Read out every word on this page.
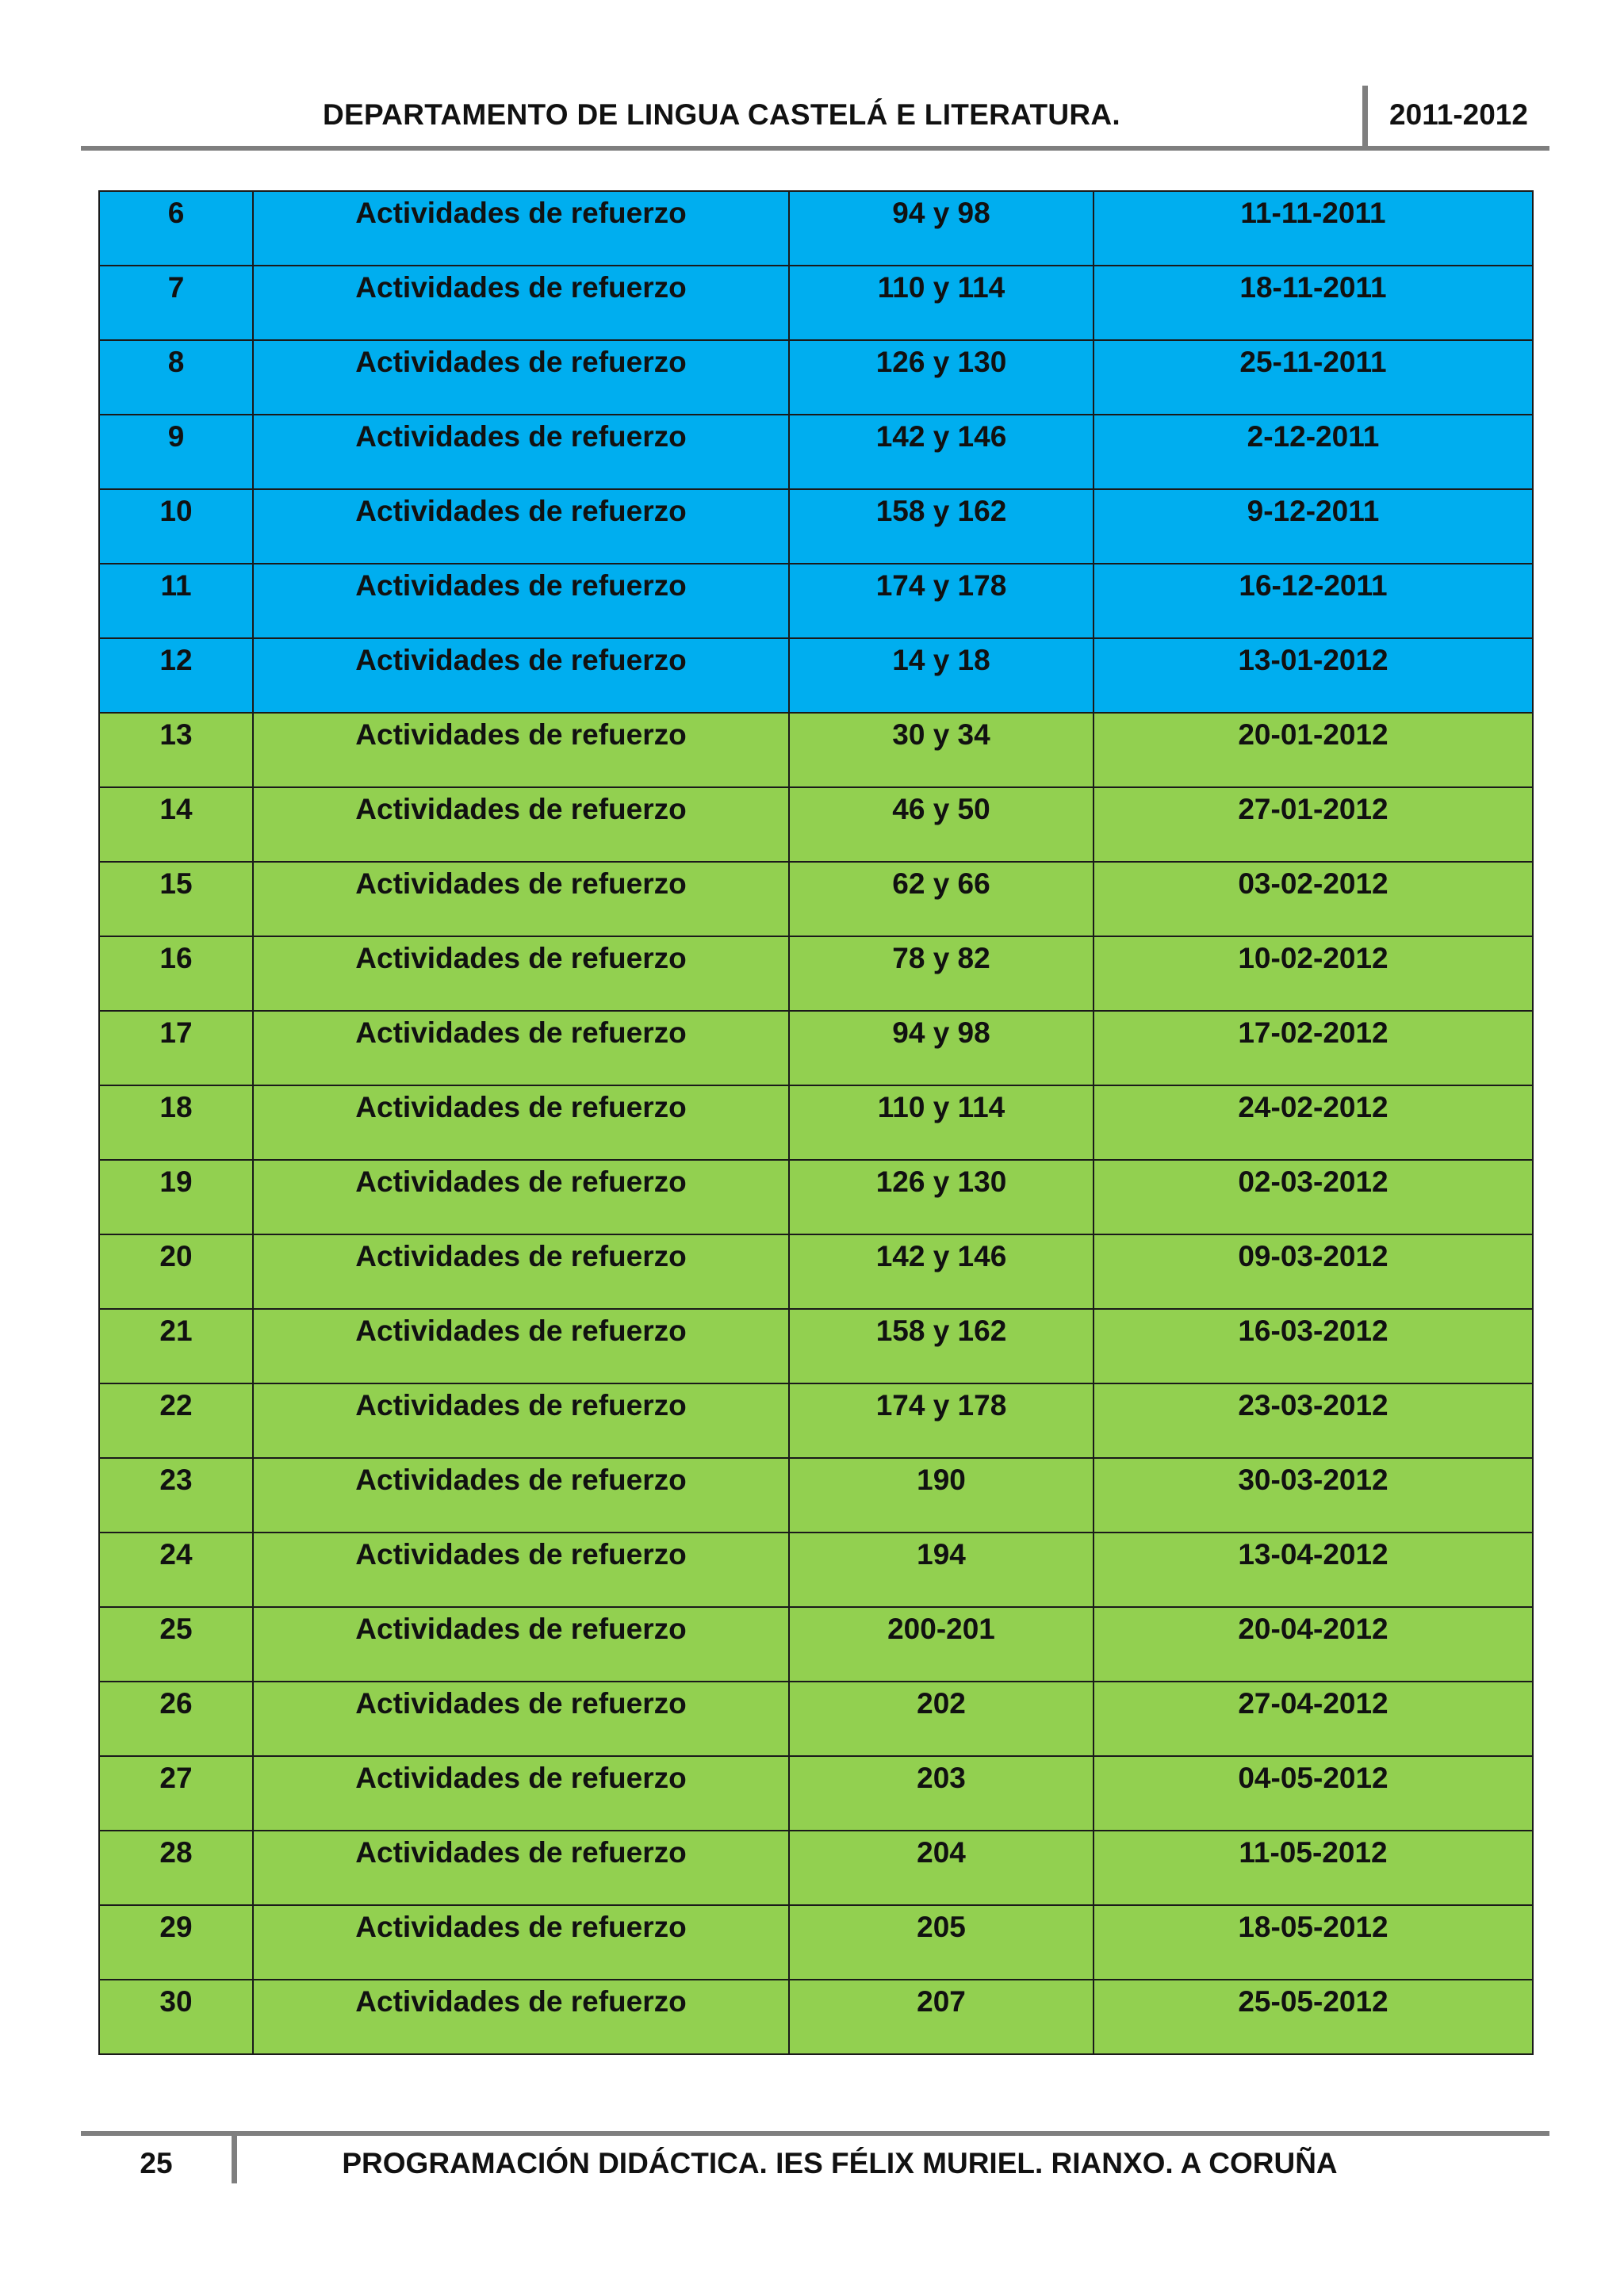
DEPARTAMENTO DE LINGUA CASTELÁ E LITERATURA.	2011-2012
6	Actividades de refuerzo	94 y 98	11-11-2011
7	Actividades de refuerzo	110 y 114	18-11-2011
8	Actividades de refuerzo	126 y 130	25-11-2011
9	Actividades de refuerzo	142 y 146	2-12-2011
10	Actividades de refuerzo	158 y 162	9-12-2011
11	Actividades de refuerzo	174 y 178	16-12-2011
12	Actividades de refuerzo	14 y 18	13-01-2012
13	Actividades de refuerzo	30 y 34	20-01-2012
14	Actividades de refuerzo	46 y 50	27-01-2012
15	Actividades de refuerzo	62 y 66	03-02-2012
16	Actividades de refuerzo	78 y 82	10-02-2012
17	Actividades de refuerzo	94 y 98	17-02-2012
18	Actividades de refuerzo	110 y 114	24-02-2012
19	Actividades de refuerzo	126 y 130	02-03-2012
20	Actividades de refuerzo	142 y 146	09-03-2012
21	Actividades de refuerzo	158 y 162	16-03-2012
22	Actividades de refuerzo	174 y 178	23-03-2012
23	Actividades de refuerzo	190	30-03-2012
24	Actividades de refuerzo	194	13-04-2012
25	Actividades de refuerzo	200-201	20-04-2012
26	Actividades de refuerzo	202	27-04-2012
27	Actividades de refuerzo	203	04-05-2012
28	Actividades de refuerzo	204	11-05-2012
29	Actividades de refuerzo	205	18-05-2012
30	Actividades de refuerzo	207	25-05-2012
25	PROGRAMACIÓN DIDÁCTICA. IES FÉLIX MURIEL. RIANXO. A CORUÑA
